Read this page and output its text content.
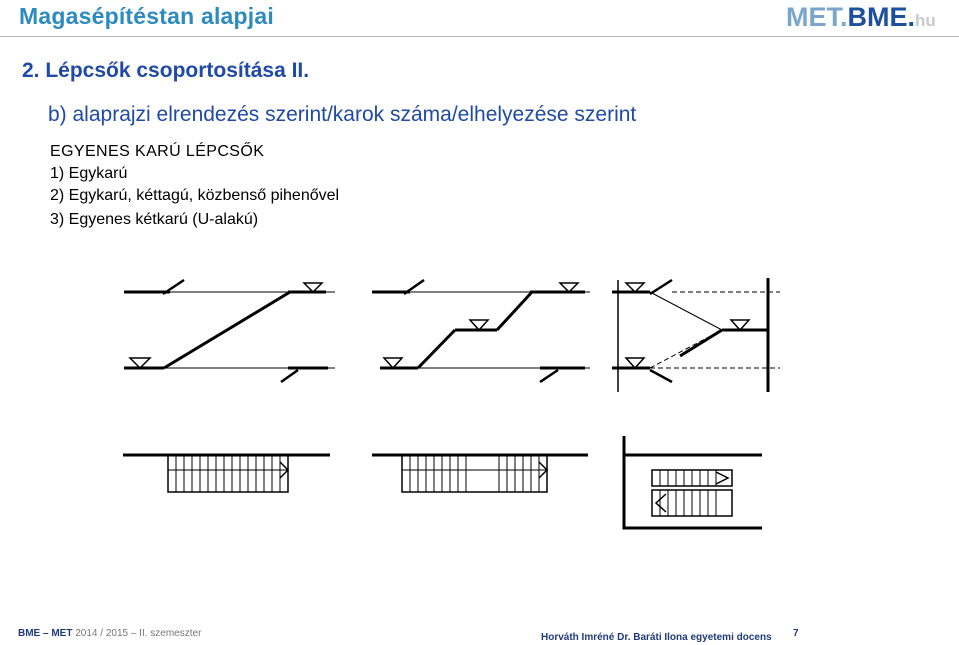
Magasépítéstan alapjai	MET.BME.hu
2. Lépcsők csoportosítása II.
b) alaprajzi elrendezés szerint/karok száma/elhelyezése szerint
EGYENES KARÚ LÉPCSŐK
1) Egykarú
2) Egykarú, kéttagú, közbenső pihenővel
3) Egyenes kétkarú (U-alakú)
BME – MET 2014 / 2015 – II. szemeszter	Horváth Imréné Dr. Baráti Ilona egyetemi docens 7
